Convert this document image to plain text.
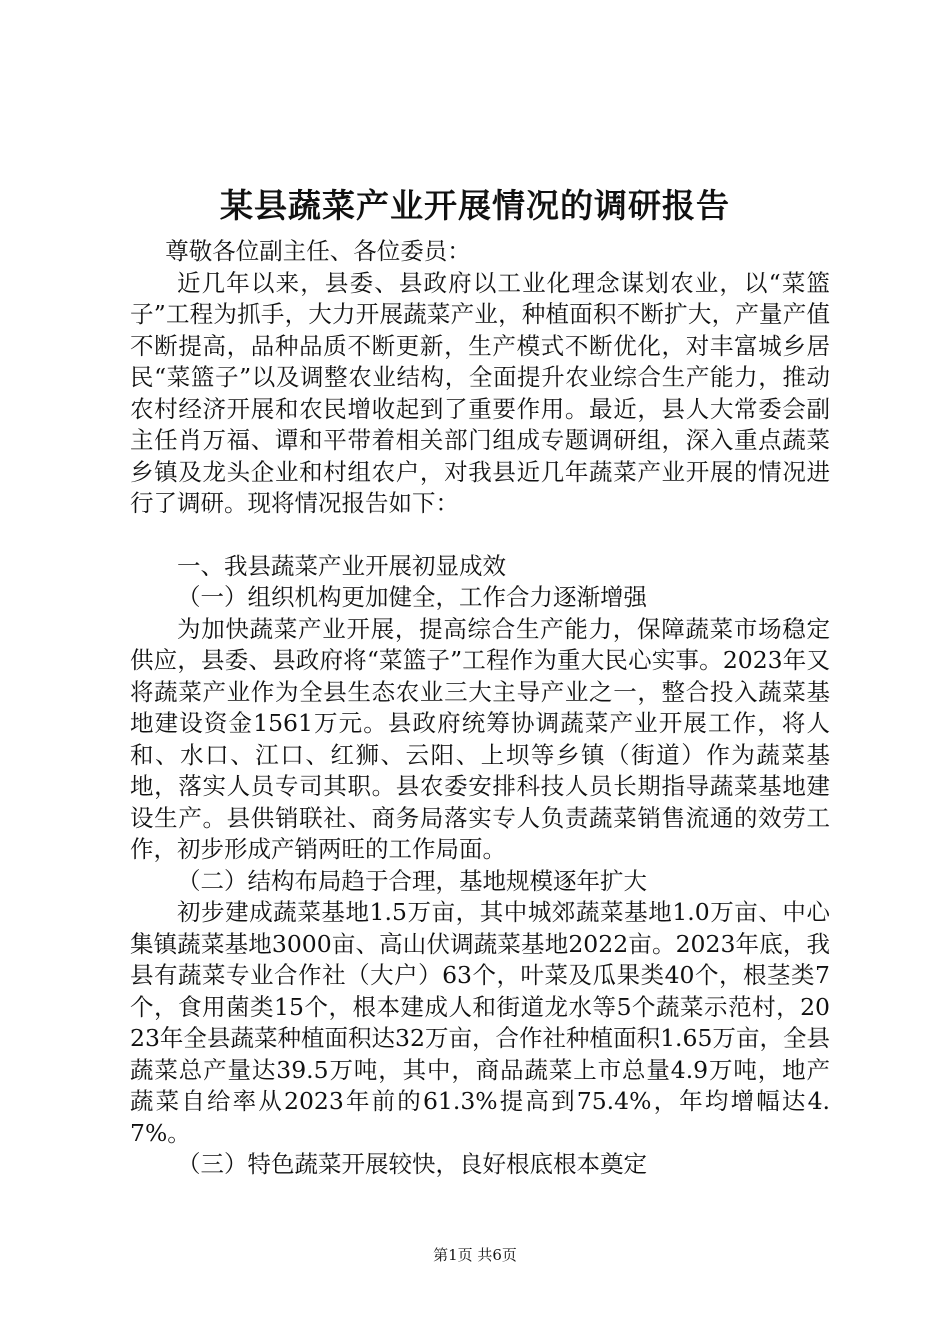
某县蔬菜产业开展情况的调研报告

尊敬各位副主任、各位委员：

近几年以来，县委、县政府以工业化理念谋划农业，以“菜篮子”工程为抓手，大力开展蔬菜产业，种植面积不断扩大，产量产值不断提高，品种品质不断更新，生产模式不断优化，对丰富城乡居民“菜篮子”以及调整农业结构，全面提升农业综合生产能力，推动农村经济开展和农民增收起到了重要作用。最近，县人大常委会副主任肖万福、谭和平带着相关部门组成专题调研组，深入重点蔬菜乡镇及龙头企业和村组农户，对我县近几年蔬菜产业开展的情况进行了调研。现将情况报告如下：

一、我县蔬菜产业开展初显成效

（一）组织机构更加健全，工作合力逐渐增强

为加快蔬菜产业开展，提高综合生产能力，保障蔬菜市场稳定供应，县委、县政府将“菜篮子”工程作为重大民心实事。2023年又将蔬菜产业作为全县生态农业三大主导产业之一，整合投入蔬菜基地建设资金1561万元。县政府统筹协调蔬菜产业开展工作，将人和、水口、江口、红狮、云阳、上坝等乡镇（街道）作为蔬菜基地，落实人员专司其职。县农委安排科技人员长期指导蔬菜基地建设生产。县供销联社、商务局落实专人负责蔬菜销售流通的效劳工作，初步形成产销两旺的工作局面。

（二）结构布局趋于合理，基地规模逐年扩大

初步建成蔬菜基地1.5万亩，其中城郊蔬菜基地1.0万亩、中心集镇蔬菜基地3000亩、高山伏调蔬菜基地2022亩。2023年底，我县有蔬菜专业合作社（大户）63个，叶菜及瓜果类40个，根茎类7个，食用菌类15个，根本建成人和街道龙水等5个蔬菜示范村，2023年全县蔬菜种植面积达32万亩，合作社种植面积1.65万亩，全县蔬菜总产量达39.5万吨，其中，商品蔬菜上市总量4.9万吨，地产蔬菜自给率从2023年前的61.3%提高到75.4%，年均增幅达4.7%。

（三）特色蔬菜开展较快，良好根底根本奠定

第1页 共6页
